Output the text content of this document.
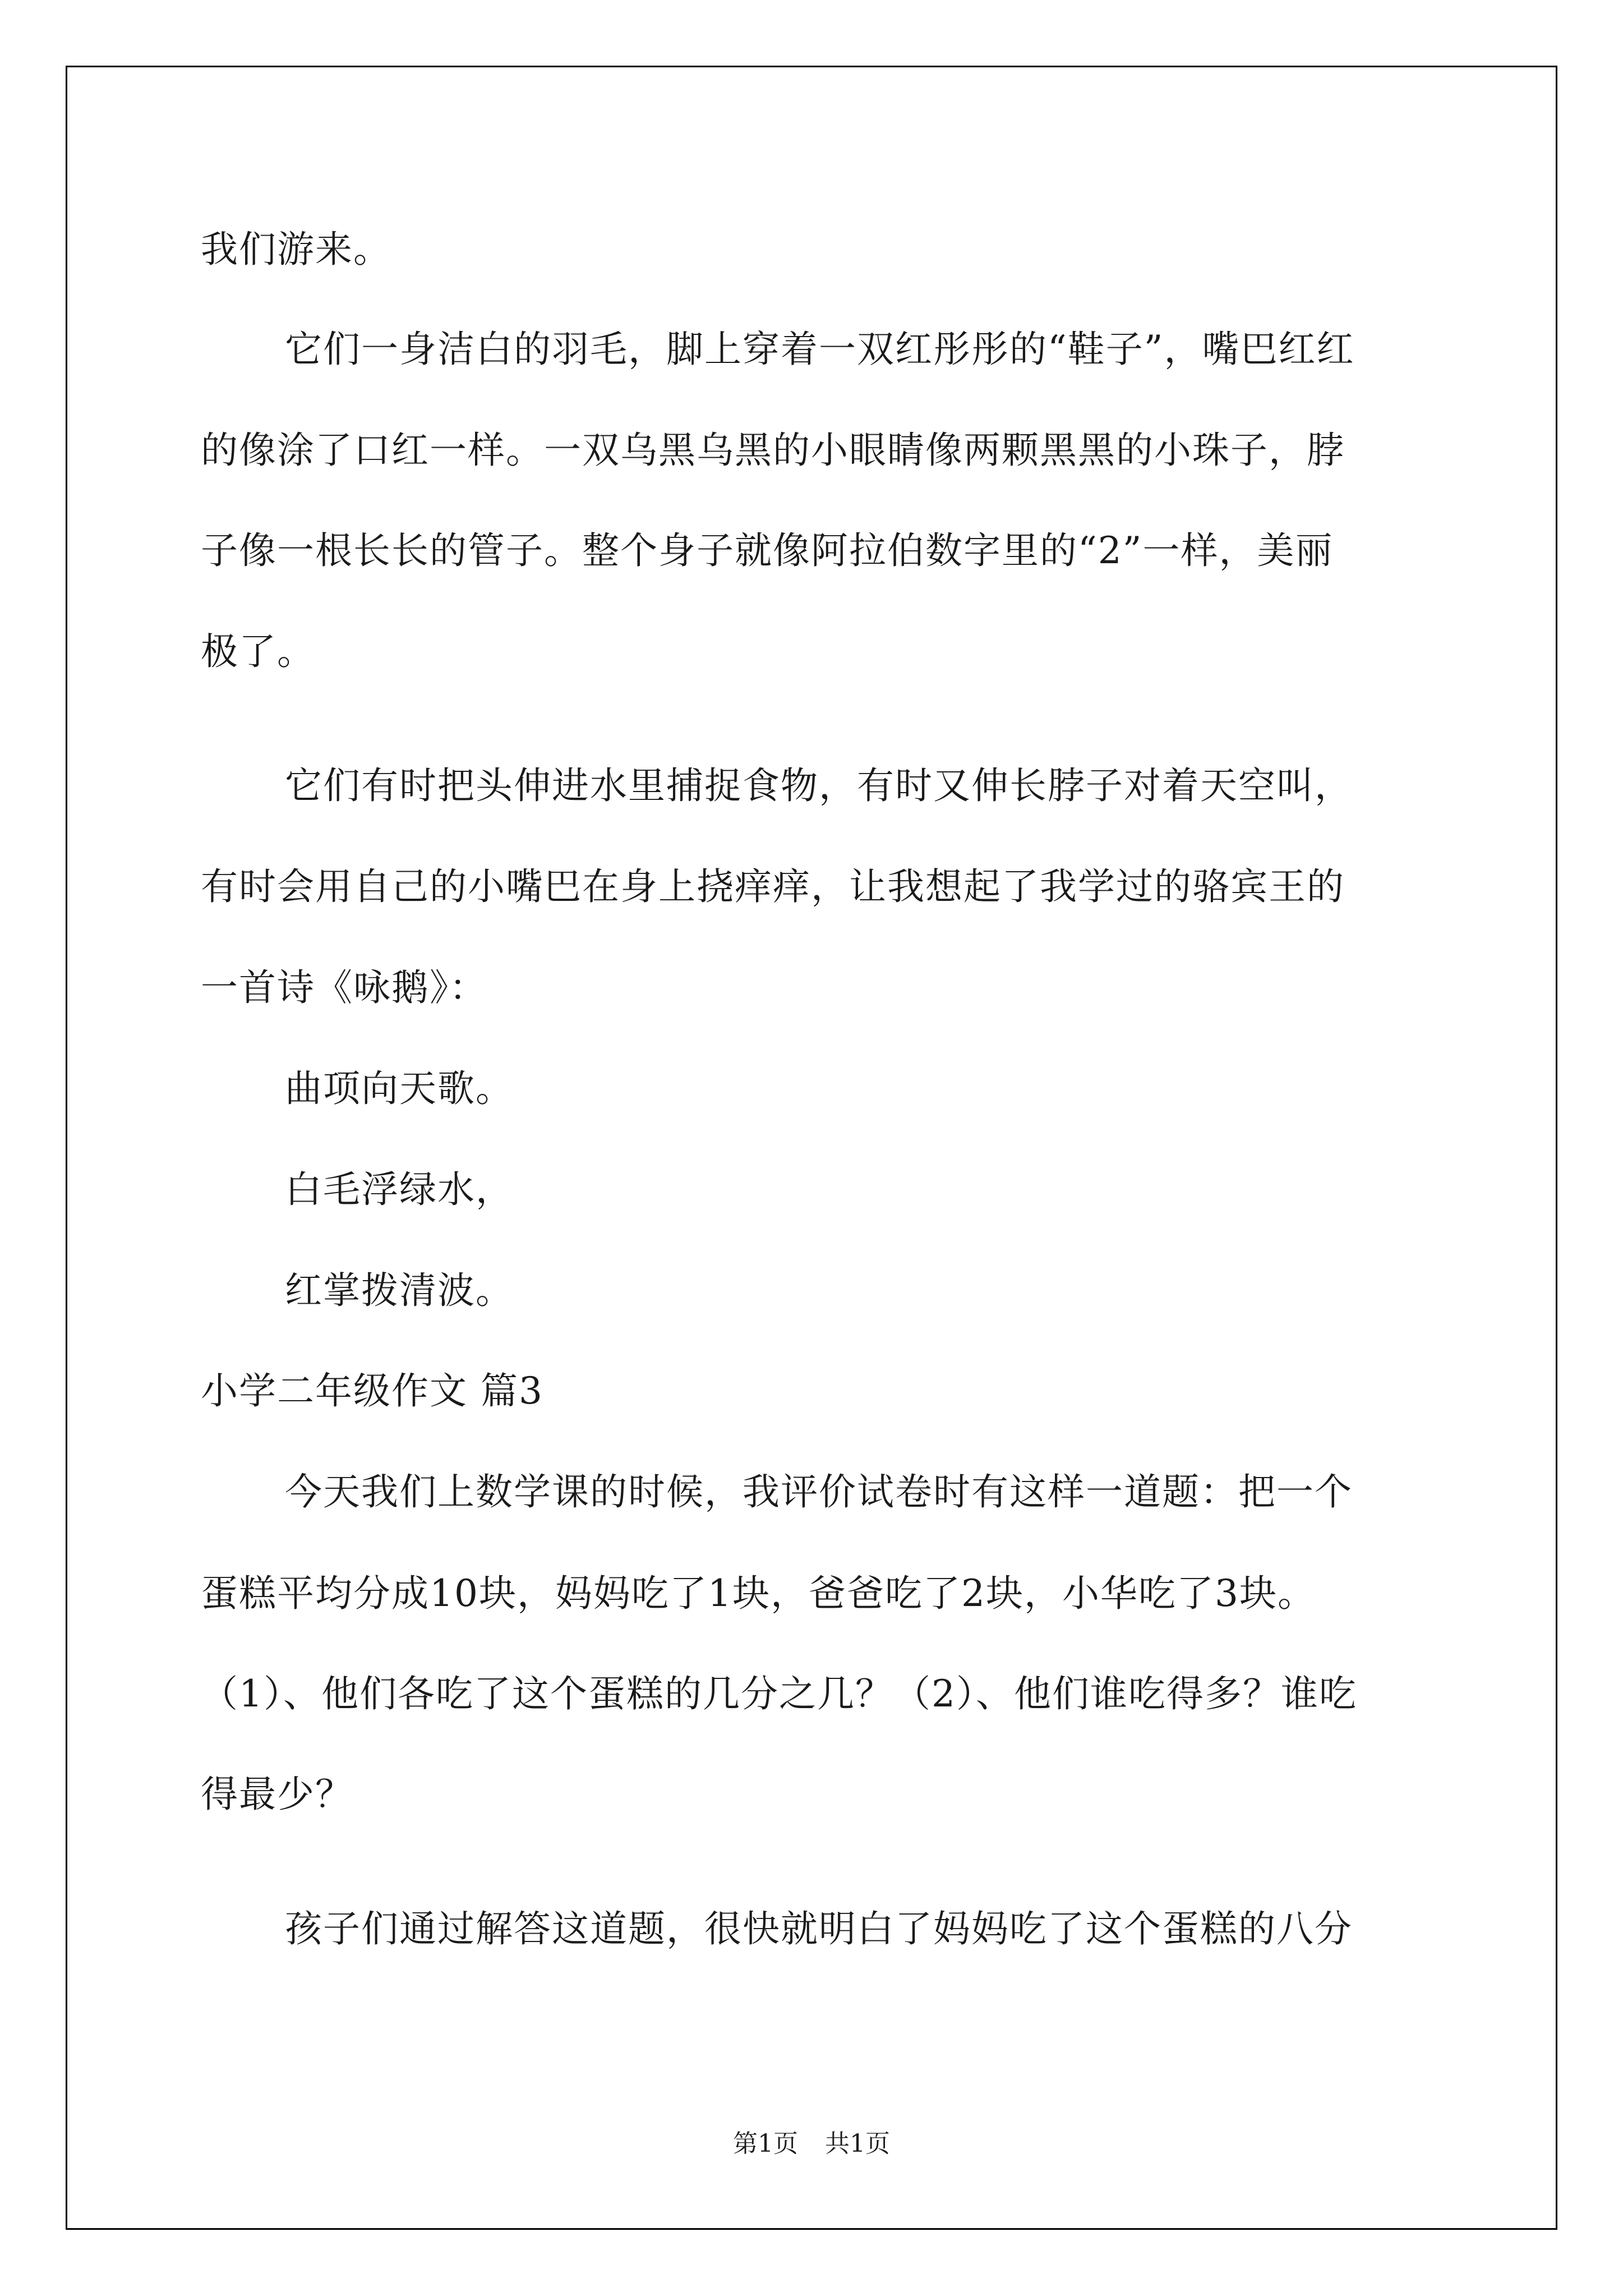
我们游来。
它们一身洁白的羽毛，脚上穿着一双红彤彤的“鞋子”，嘴巴红红
的像涂了口红一样。一双乌黑乌黑的小眼睛像两颗黑黑的小珠子，脖
子像一根长长的管子。整个身子就像阿拉伯数字里的“2”一样，美丽
极了。
它们有时把头伸进水里捕捉食物，有时又伸长脖子对着天空叫，
有时会用自己的小嘴巴在身上挠痒痒，让我想起了我学过的骆宾王的
一首诗《咏鹅》：
曲项向天歌。
白毛浮绿水，
红掌拨清波。
小学二年级作文 篇3
今天我们上数学课的时候，我评价试卷时有这样一道题：把一个
蛋糕平均分成10块，妈妈吃了1块，爸爸吃了2块，小华吃了3块。
（1）、他们各吃了这个蛋糕的几分之几？（2）、他们谁吃得多？谁吃
得最少？
孩子们通过解答这道题，很快就明白了妈妈吃了这个蛋糕的八分
第1页 共1页
